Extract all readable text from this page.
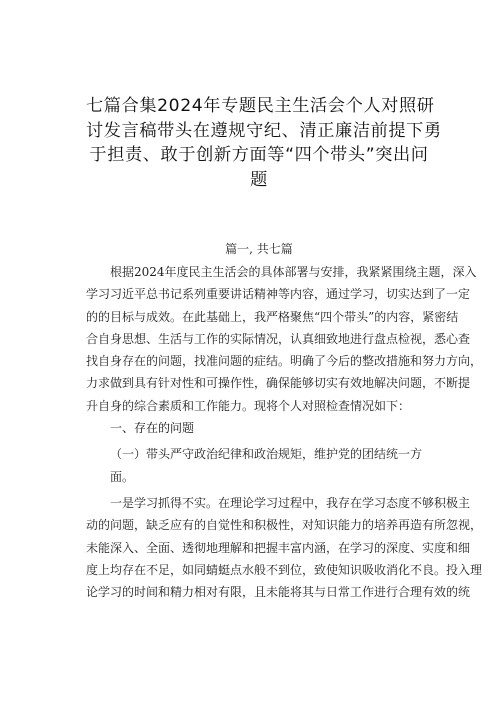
七篇合集2024年专题民主生活会个人对照研
讨发言稿带头在遵规守纪、清正廉洁前提下勇
于担责、敢于创新方面等“四个带头”突出问
题
篇一, 共七篇
根据2024年度民主生活会的具体部署与安排，我紧紧围绕主题，深入
学习习近平总书记系列重要讲话精神等内容，通过学习，切实达到了一定
的的目标与成效。在此基础上，我严格聚焦“四个带头”的内容，紧密结
合自身思想、生活与工作的实际情况，认真细致地进行盘点检视，悉心查
找自身存在的问题，找准问题的症结。明确了今后的整改措施和努力方向，
力求做到具有针对性和可操作性，确保能够切实有效地解决问题，不断提
升自身的综合素质和工作能力。现将个人对照检查情况如下：
一、存在的问题
（一）带头严守政治纪律和政治规矩，维护党的团结统一方面。
一是学习抓得不实。在理论学习过程中，我存在学习态度不够积极主
动的问题，缺乏应有的自觉性和积极性，对知识能力的培养再造有所忽视，
未能深入、全面、透彻地理解和把握丰富内涵，在学习的深度、实度和细
度上均存在不足，如同蜻蜓点水般不到位，致使知识吸收消化不良。投入理
论学习的时间和精力相对有限，且未能将其与日常工作进行合理有效的统
